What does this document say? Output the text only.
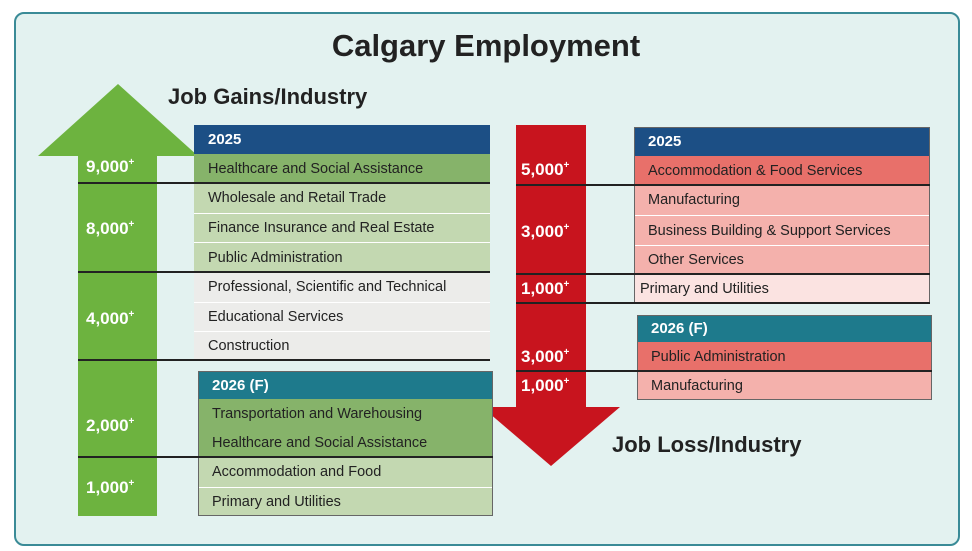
Calgary Employment
Job Gains/Industry
Job Loss/Industry
9,000+
8,000+
4,000+
2,000+
1,000+
2025
Healthcare and Social Assistance
Wholesale and Retail Trade
Finance Insurance and Real Estate
Public Administration
Professional, Scientific and Technical
Educational Services
Construction
2026 (F)
Transportation and Warehousing
Healthcare and Social Assistance
Accommodation and Food
Primary and Utilities
5,000+
3,000+
1,000+
3,000+
1,000+
2025
Accommodation & Food Services
Manufacturing
Business Building & Support Services
Other Services
Primary and Utilities
2026 (F)
Public Administration
Manufacturing
